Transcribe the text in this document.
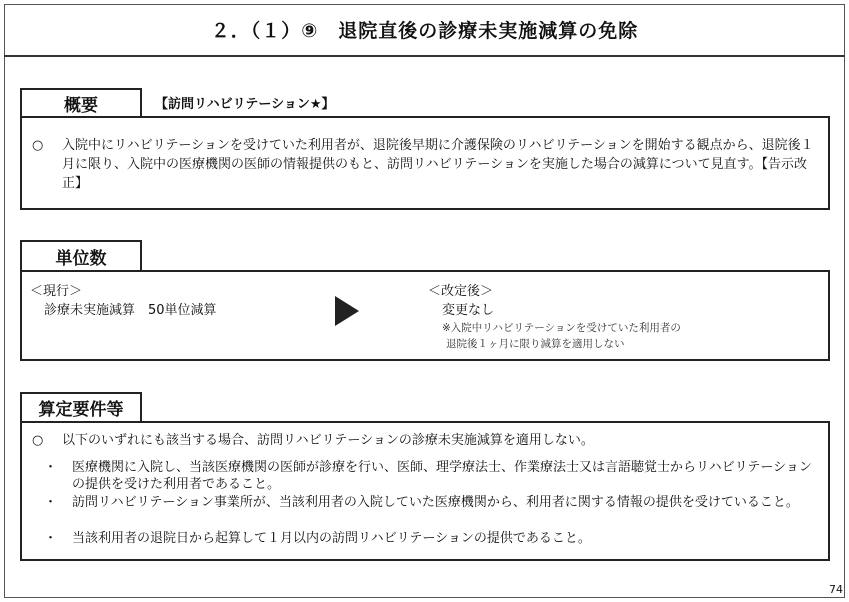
２．（１）⑨　退院直後の診療未実施減算の免除
概要	【訪問リハビリテーション★】
○ 入院中にリハビリテーションを受けていた利用者が、退院後早期に介護保険のリハビリテーションを開始する観点から、退院後１月に限り、入院中の医療機関の医師の情報提供のもと、訪問リハビリテーションを実施した場合の減算について見直す。【告示改正】
単位数
＜現行＞
診療未実施減算　50単位減算
＜改定後＞
変更なし
※入院中リハビリテーションを受けていた利用者の
退院後１ヶ月に限り減算を適用しない
算定要件等
○ 以下のいずれにも該当する場合、訪問リハビリテーションの診療未実施減算を適用しない。
・ 医療機関に入院し、当該医療機関の医師が診療を行い、医師、理学療法士、作業療法士又は言語聴覚士からリハビリテーションの提供を受けた利用者であること。
・ 訪問リハビリテーション事業所が、当該利用者の入院していた医療機関から、利用者に関する情報の提供を受けていること。
・ 当該利用者の退院日から起算して１月以内の訪問リハビリテーションの提供であること。
74
